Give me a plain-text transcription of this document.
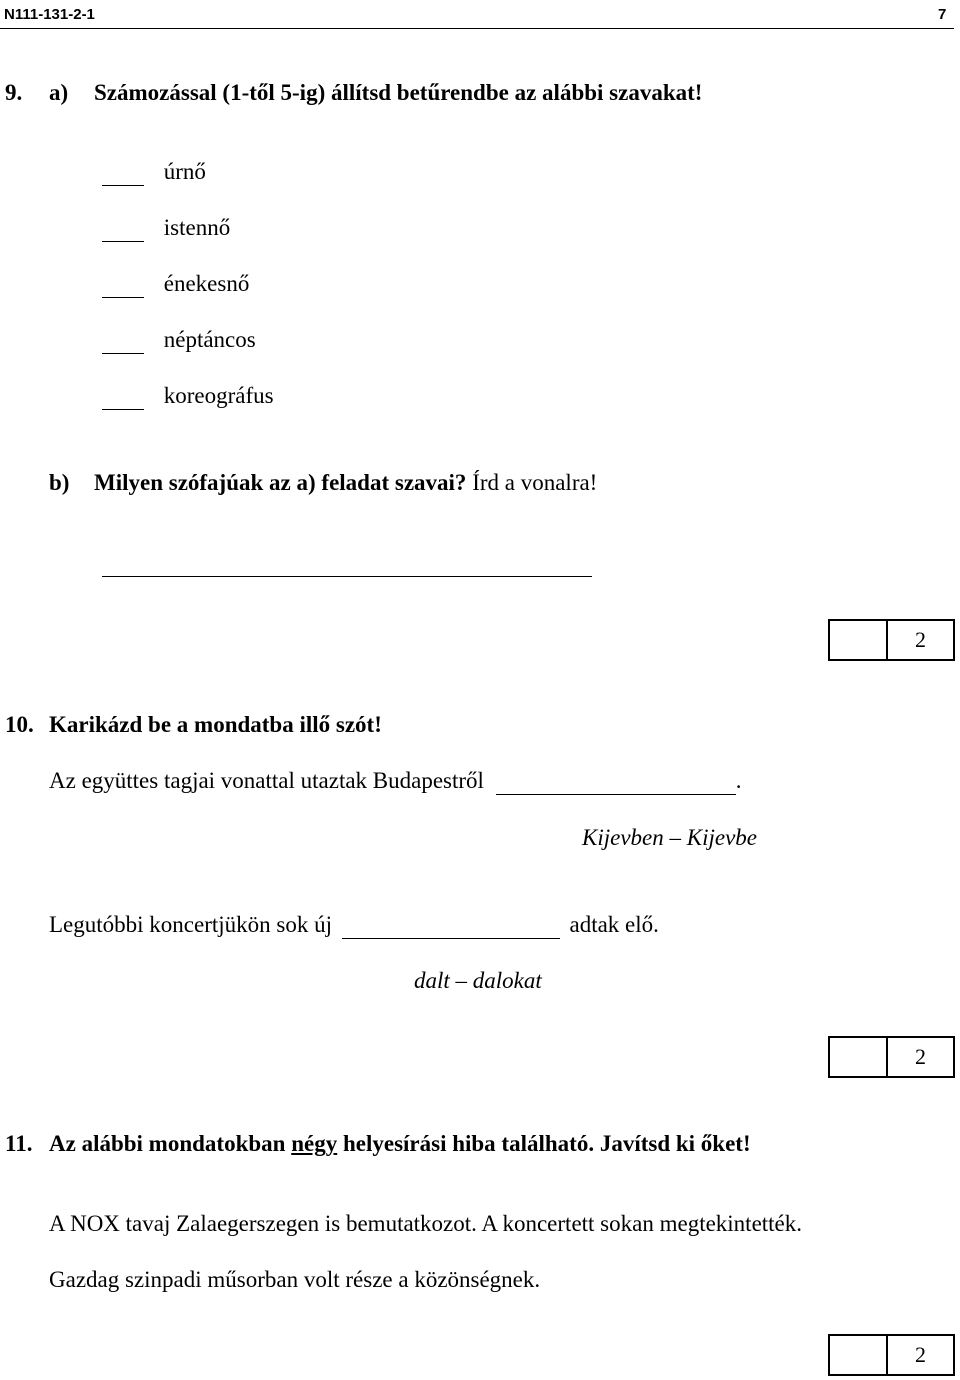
N111-131-2-1	7
9. a) Számozással (1-től 5-ig) állítsd betűrendbe az alábbi szavakat!
úrnő
istennő
énekesnő
néptáncos
koreográfus
b) Milyen szófajúak az a) feladat szavai? Írd a vonalra!
2
10. Karikázd be a mondatba illő szót!
Az együttes tagjai vonattal utaztak Budapestről	.
Kijevben – Kijevbe
Legutóbbi koncertjükön sok új	adtak elő.
dalt – dalokat
2
11. Az alábbi mondatokban négy helyesírási hiba található. Javítsd ki őket!
A NOX tavaj Zalaegerszegen is bemutatkozot. A koncertett sokan megtekintették.
Gazdag szinpadi műsorban volt része a közönségnek.
2
